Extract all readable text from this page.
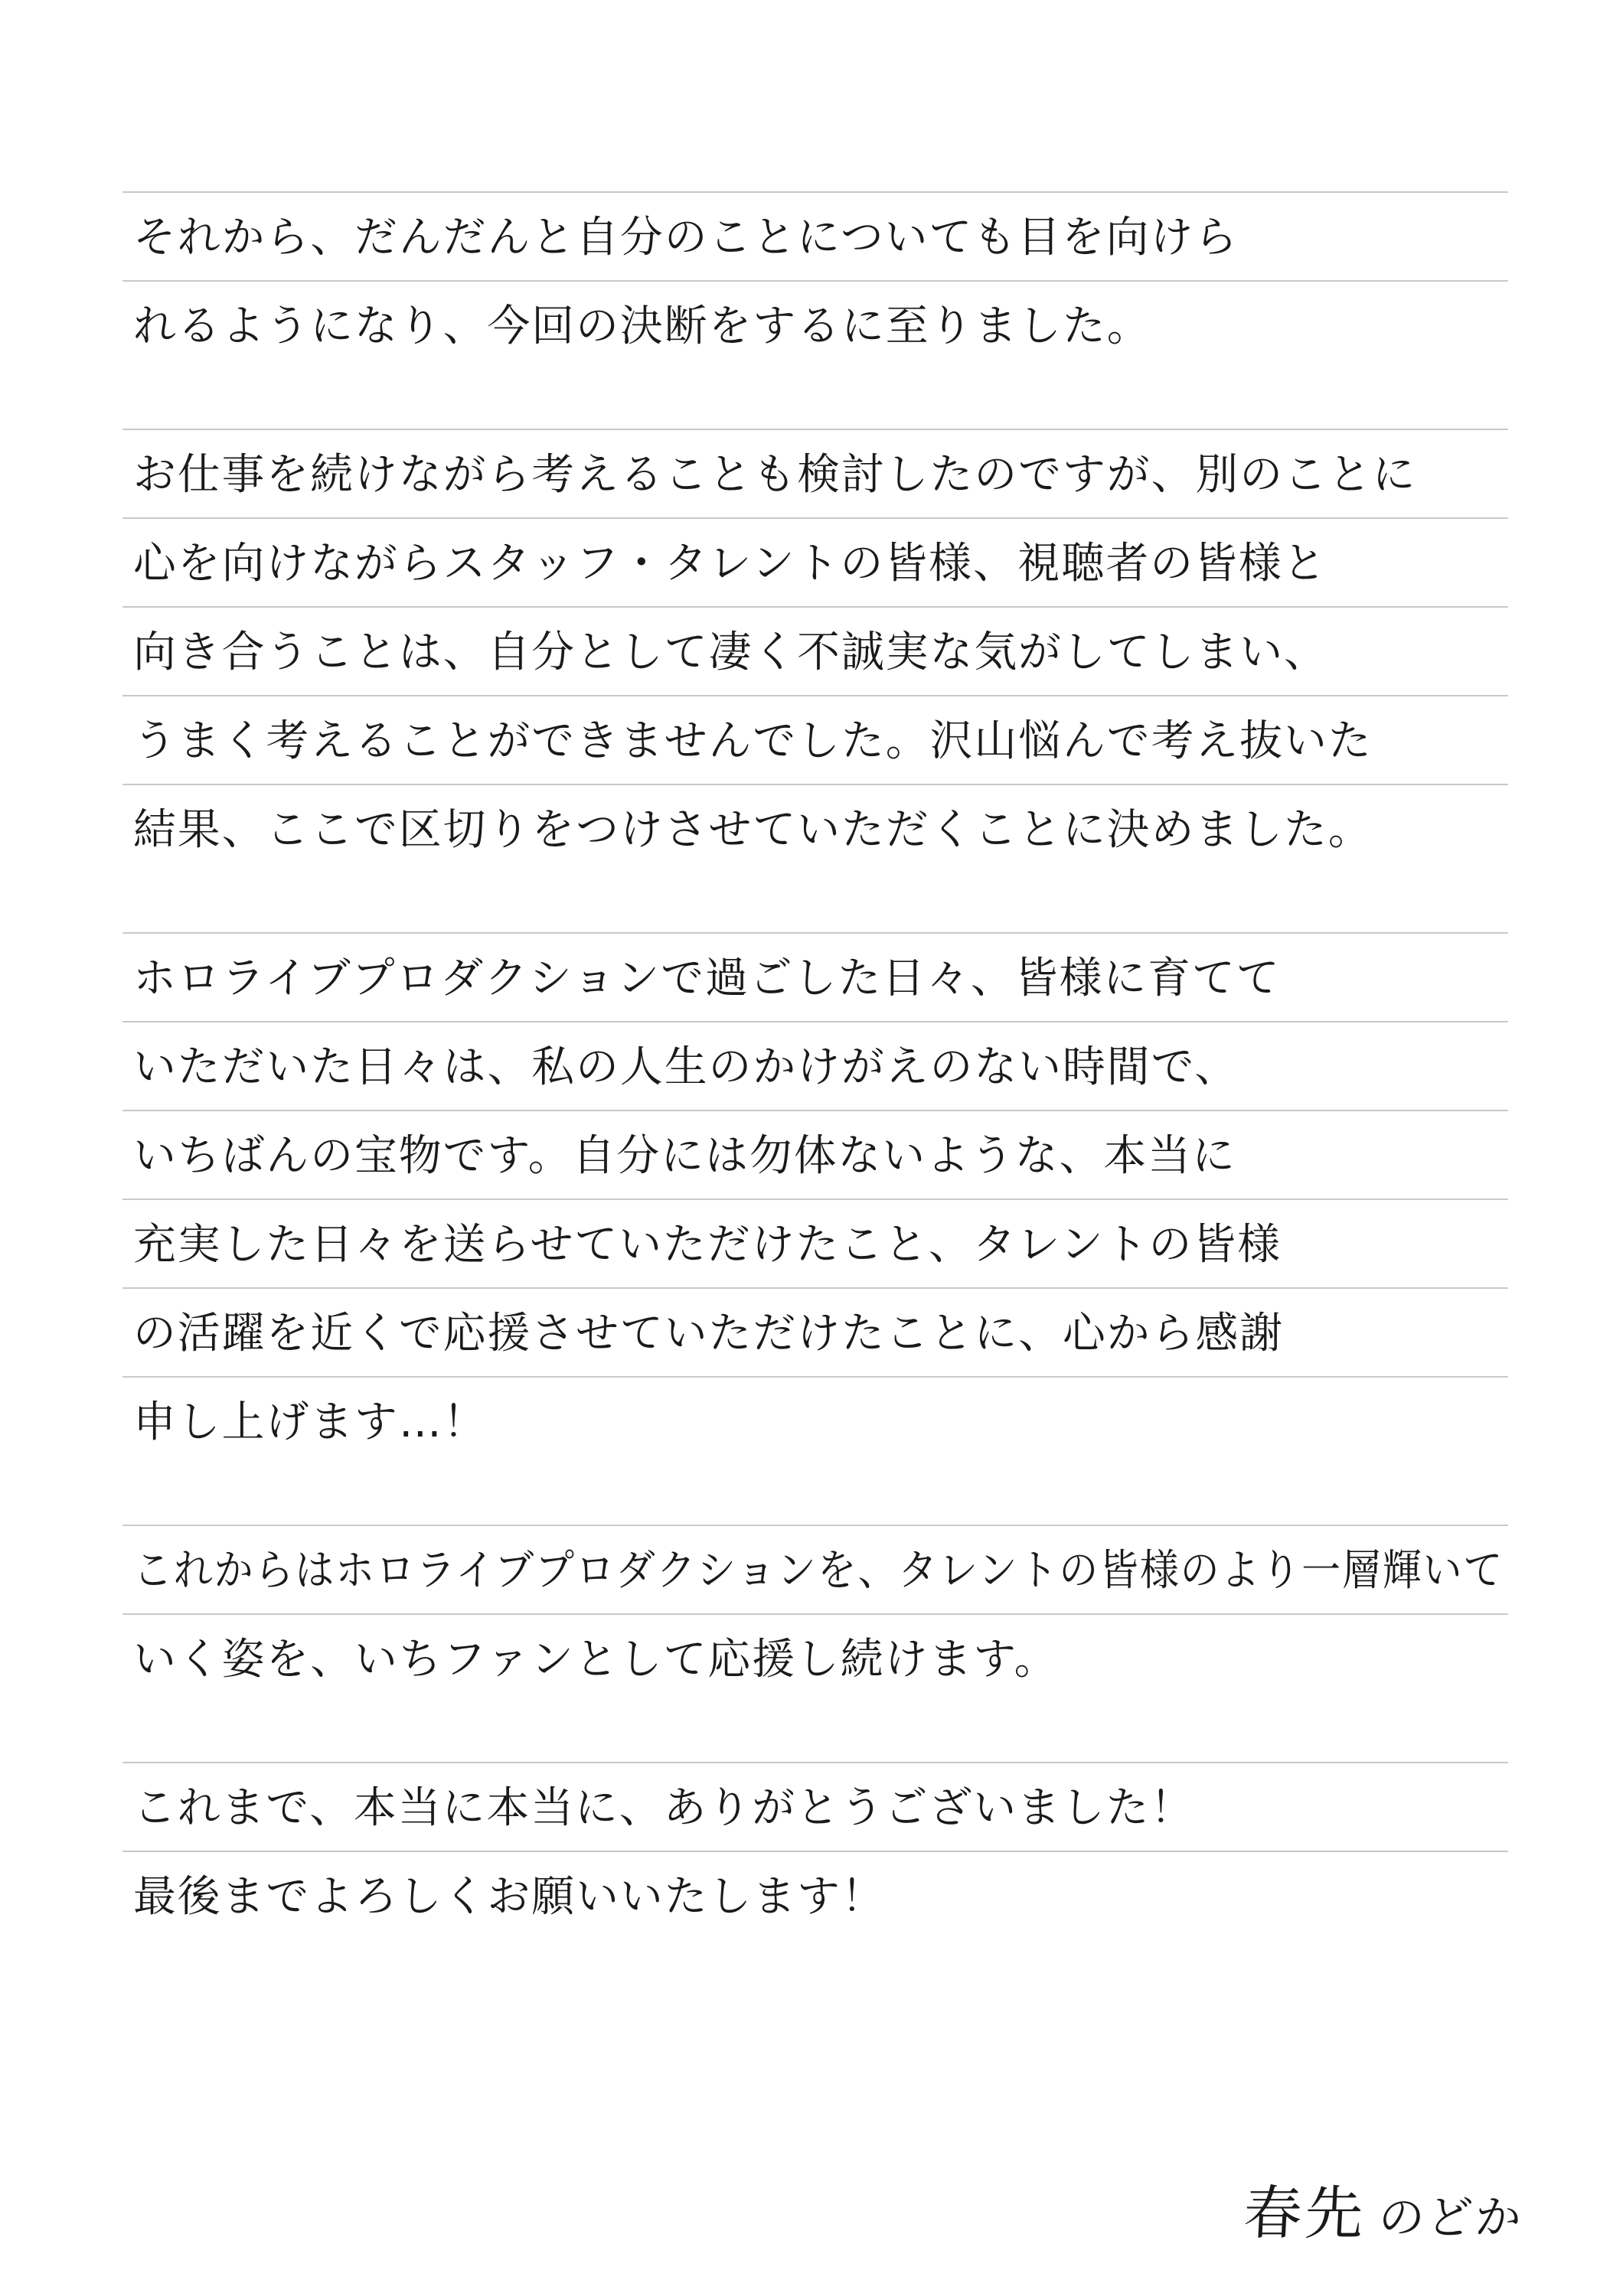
それから、だんだんと自分のことについても目を向けら
れるようになり、今回の決断をするに至りました。
お仕事を続けながら考えることも検討したのですが、別のことに
心を向けながらスタッフ・タレントの皆様、視聴者の皆様と
向き合うことは、自分として凄く不誠実な気がしてしまい、
うまく考えることができませんでした。沢山悩んで考え抜いた
結果、ここで区切りをつけさせていただくことに決めました。
ホロライブプロダクションで過ごした日々、皆様に育てて
いただいた日々は、私の人生のかけがえのない時間で、
いちばんの宝物です。自分には勿体ないような、本当に
充実した日々を送らせていただけたこと、タレントの皆様
の活躍を近くで応援させていただけたことに、心から感謝
申し上げます…！
これからはホロライブプロダクションを、タレントの皆様のより一層輝いて
いく姿を、いちファンとして応援し続けます。
これまで、本当に本当に、ありがとうございました！
最後までよろしくお願いいたします！
春先 のどか
